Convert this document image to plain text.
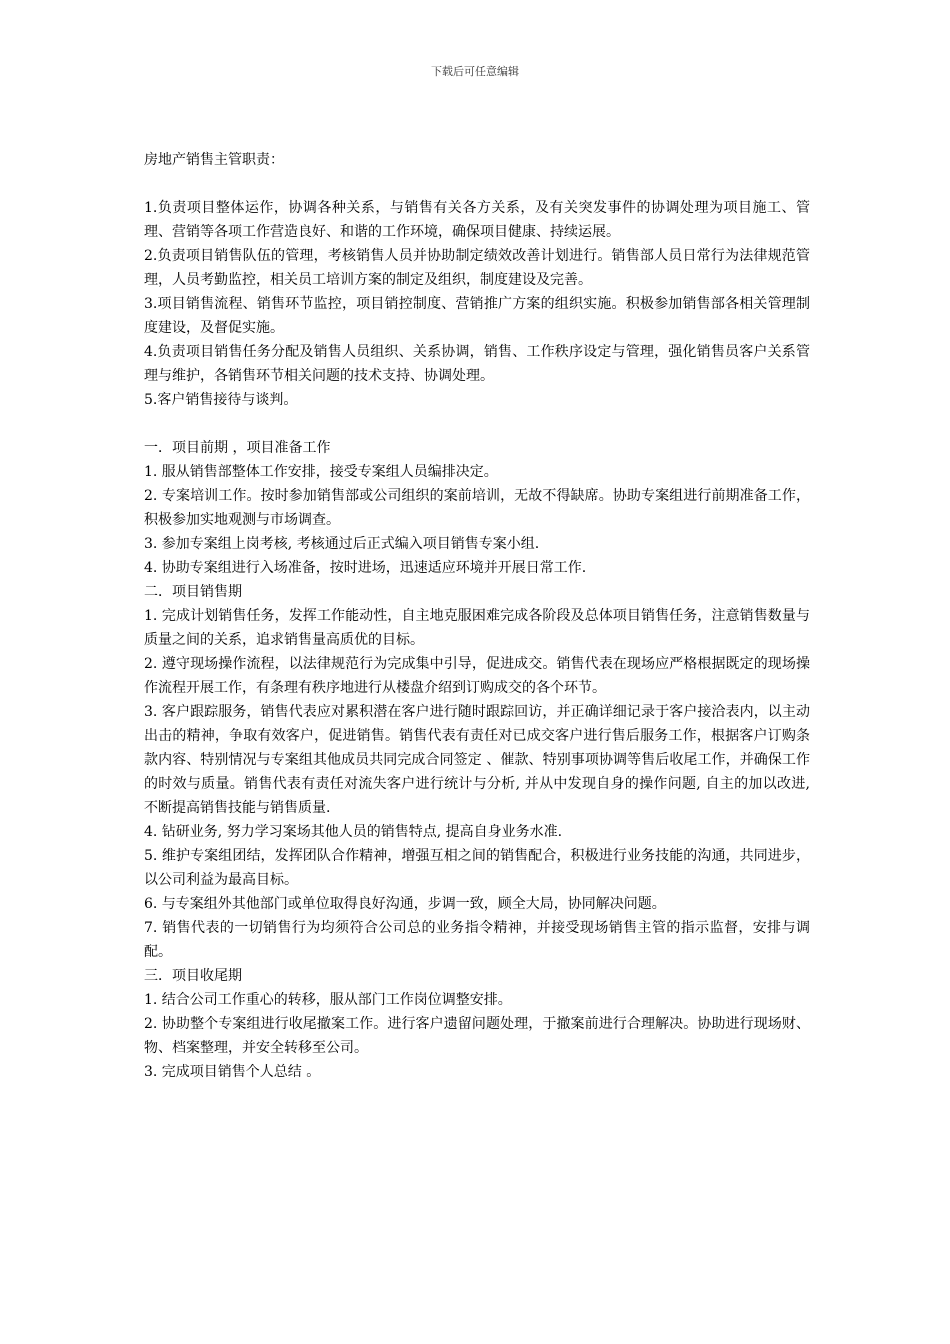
下载后可任意编辑

房地产销售主管职责：

1.负责项目整体运作，协调各种关系，与销售有关各方关系，及有关突发事件的协调处理为项目施工、管理、营销等各项工作营造良好、和谐的工作环境，确保项目健康、持续运展。

2.负责项目销售队伍的管理，考核销售人员并协助制定绩效改善计划进行。销售部人员日常行为法律规范管理，人员考勤监控，相关员工培训方案的制定及组织，制度建设及完善。

3.项目销售流程、销售环节监控，项目销控制度、营销推广方案的组织实施。积极参加销售部各相关管理制度建设，及督促实施。

4.负责项目销售任务分配及销售人员组织、关系协调，销售、工作秩序设定与管理，强化销售员客户关系管理与维护，各销售环节相关问题的技术支持、协调处理。

5.客户销售接待与谈判。

一．项目前期 ，项目准备工作

1. 服从销售部整体工作安排，接受专案组人员编排决定。

2. 专案培训工作。按时参加销售部或公司组织的案前培训，无故不得缺席。协助专案组进行前期准备工作，积极参加实地观测与市场调查。

3. 参加专案组上岗考核, 考核通过后正式编入项目销售专案小组.

4. 协助专案组进行入场准备，按时进场，迅速适应环境并开展日常工作.

二．项目销售期

1. 完成计划销售任务，发挥工作能动性，自主地克服困难完成各阶段及总体项目销售任务，注意销售数量与质量之间的关系，追求销售量高质优的目标。

2. 遵守现场操作流程，以法律规范行为完成集中引导，促进成交。销售代表在现场应严格根据既定的现场操作流程开展工作，有条理有秩序地进行从楼盘介绍到订购成交的各个环节。

3. 客户跟踪服务，销售代表应对累积潜在客户进行随时跟踪回访，并正确详细记录于客户接洽表内，以主动出击的精神，争取有效客户，促进销售。销售代表有责任对已成交客户进行售后服务工作，根据客户订购条款内容、特别情况与专案组其他成员共同完成合同签定 、催款、特别事项协调等售后收尾工作，并确保工作的时效与质量。销售代表有责任对流失客户进行统计与分析, 并从中发现自身的操作问题, 自主的加以改进, 不断提高销售技能与销售质量.

4. 钻研业务, 努力学习案场其他人员的销售特点, 提高自身业务水准.

5. 维护专案组团结，发挥团队合作精神，增强互相之间的销售配合，积极进行业务技能的沟通，共同进步，以公司利益为最高目标。

6. 与专案组外其他部门或单位取得良好沟通，步调一致，顾全大局，协同解决问题。

7. 销售代表的一切销售行为均须符合公司总的业务指令精神，并接受现场销售主管的指示监督，安排与调配。

三．项目收尾期

1. 结合公司工作重心的转移，服从部门工作岗位调整安排。

2. 协助整个专案组进行收尾撤案工作。进行客户遗留问题处理，于撤案前进行合理解决。协助进行现场财、物、档案整理，并安全转移至公司。

3. 完成项目销售个人总结 。
